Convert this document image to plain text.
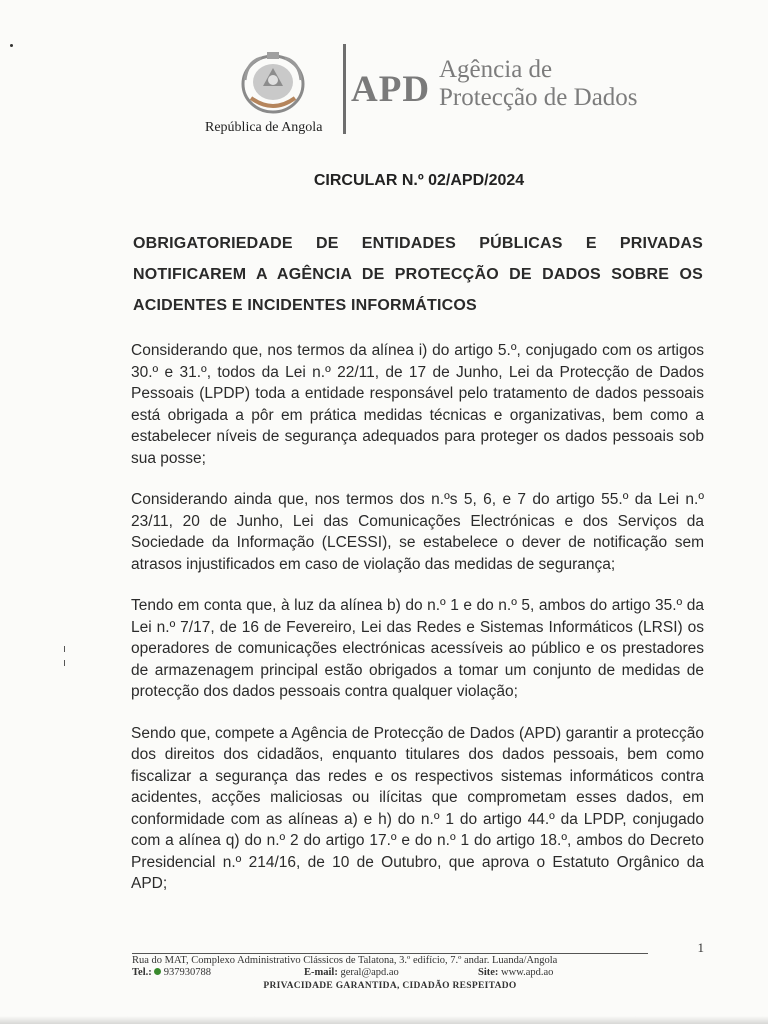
República de Angola
APD Agência de
Protecção de Dados
CIRCULAR N.º 02/APD/2024
OBRIGATORIEDADE DE ENTIDADES PÚBLICAS E PRIVADAS NOTIFICAREM A AGÊNCIA DE PROTECÇÃO DE DADOS SOBRE OS ACIDENTES E INCIDENTES INFORMÁTICOS

Considerando que, nos termos da alínea i) do artigo 5.º, conjugado com os artigos 30.º e 31.º, todos da Lei n.º 22/11, de 17 de Junho, Lei da Protecção de Dados Pessoais (LPDP) toda a entidade responsável pelo tratamento de dados pessoais está obrigada a pôr em prática medidas técnicas e organizativas, bem como a estabelecer níveis de segurança adequados para proteger os dados pessoais sob sua posse;

Considerando ainda que, nos termos dos n.ºs 5, 6, e 7 do artigo 55.º da Lei n.º 23/11, 20 de Junho, Lei das Comunicações Electrónicas e dos Serviços da Sociedade da Informação (LCESSI), se estabelece o dever de notificação sem atrasos injustificados em caso de violação das medidas de segurança;

Tendo em conta que, à luz da alínea b) do n.º 1 e do n.º 5, ambos do artigo 35.º da Lei n.º 7/17, de 16 de Fevereiro, Lei das Redes e Sistemas Informáticos (LRSI) os operadores de comunicações electrónicas acessíveis ao público e os prestadores de armazenagem principal estão obrigados a tomar um conjunto de medidas de protecção dos dados pessoais contra qualquer violação;

Sendo que, compete a Agência de Protecção de Dados (APD) garantir a protecção dos direitos dos cidadãos, enquanto titulares dos dados pessoais, bem como fiscalizar a segurança das redes e os respectivos sistemas informáticos contra acidentes, acções maliciosas ou ilícitas que comprometam esses dados, em conformidade com as alíneas a) e h) do n.º 1 do artigo 44.º da LPDP, conjugado com a alínea q) do n.º 2 do artigo 17.º e do n.º 1 do artigo 18.º, ambos do Decreto Presidencial n.º 214/16, de 10 de Outubro, que aprova o Estatuto Orgânico da APD;

1
Rua do MAT, Complexo Administrativo Clássicos de Talatona, 3.º edifício, 7.º andar. Luanda/Angola
Tel.: 937930788	E-mail: geral@apd.ao	Site: www.apd.ao
PRIVACIDADE GARANTIDA, CIDADÃO RESPEITADO
